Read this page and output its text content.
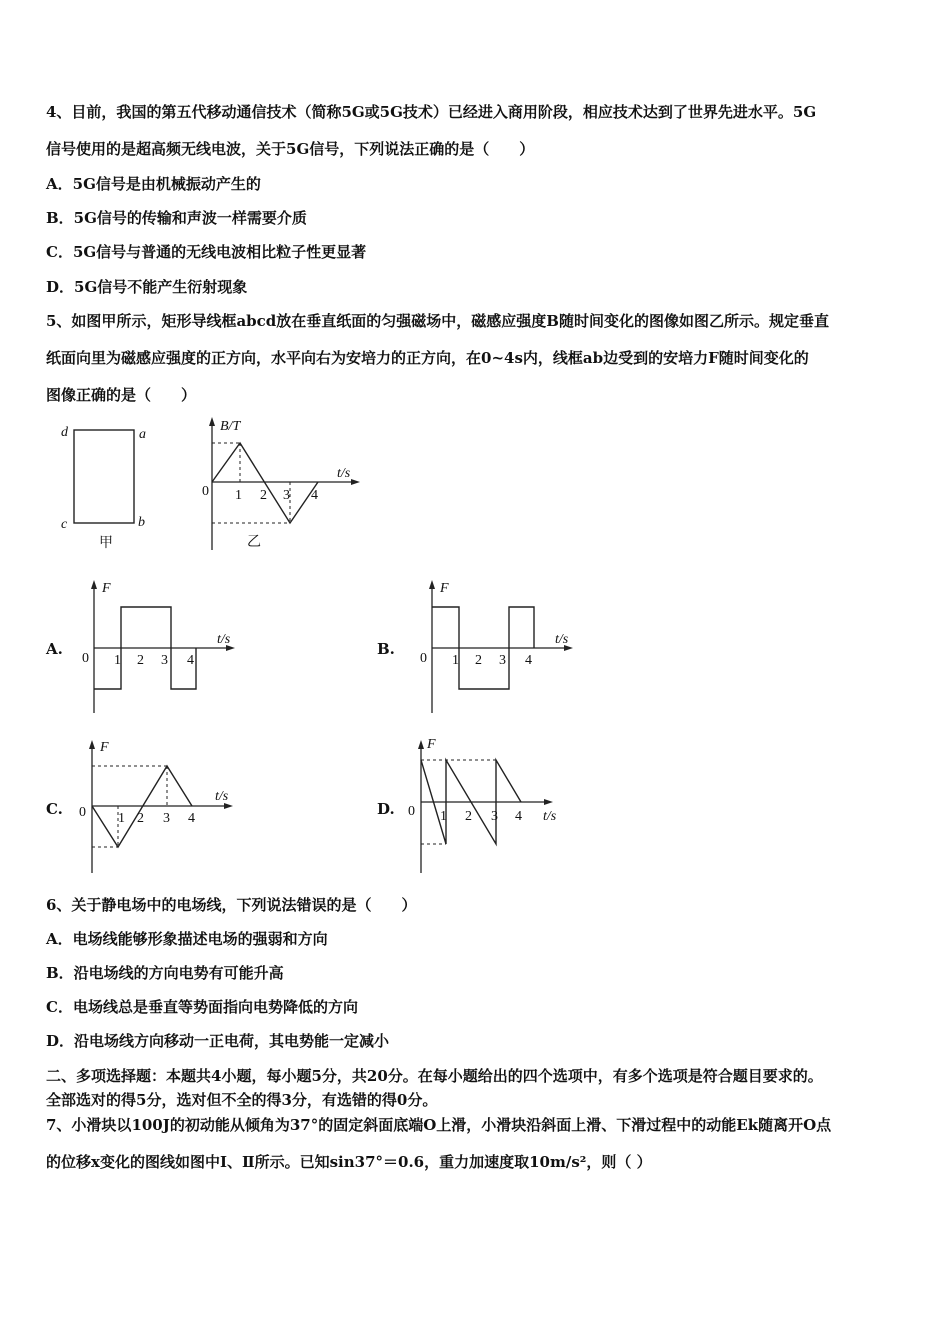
4、目前，我国的第五代移动通信技术（简称5G或5G技术）已经进入商用阶段，相应技术达到了世界先进水平。5G
信号使用的是超高频无线电波，关于5G信号，下列说法正确的是（　　）
A．5G信号是由机械振动产生的
B．5G信号的传输和声波一样需要介质
C．5G信号与普通的无线电波相比粒子性更显著
D．5G信号不能产生衍射现象
5、如图甲所示，矩形导线框abcd放在垂直纸面的匀强磁场中，磁感应强度B随时间变化的图像如图乙所示。规定垂直
纸面向里为磁感应强度的正方向，水平向右为安培力的正方向，在0~4s内，线框ab边受到的安培力F随时间变化的
图像正确的是（　　）
d	a
c	b
甲
B/T
t/s
0 1 2 3 4
乙
A.
F
t/s
0 1 2 3 4
B.
F
t/s
0 1 2 3 4
C.
F
t/s
0 1 2 3 4
D.
F
t/s
0 1 2 3 4
6、关于静电场中的电场线，下列说法错误的是（　　）
A．电场线能够形象描述电场的强弱和方向
B．沿电场线的方向电势有可能升高
C．电场线总是垂直等势面指向电势降低的方向
D．沿电场线方向移动一正电荷，其电势能一定减小
二、多项选择题：本题共4小题，每小题5分，共20分。在每小题给出的四个选项中，有多个选项是符合题目要求的。
全部选对的得5分，选对但不全的得3分，有选错的得0分。
7、小滑块以100J的初动能从倾角为37°的固定斜面底端O上滑，小滑块沿斜面上滑、下滑过程中的动能Ek随离开O点
的位移x变化的图线如图中Ⅰ、Ⅱ所示。已知sin37°＝0.6，重力加速度取10m/s²，则（ ）
